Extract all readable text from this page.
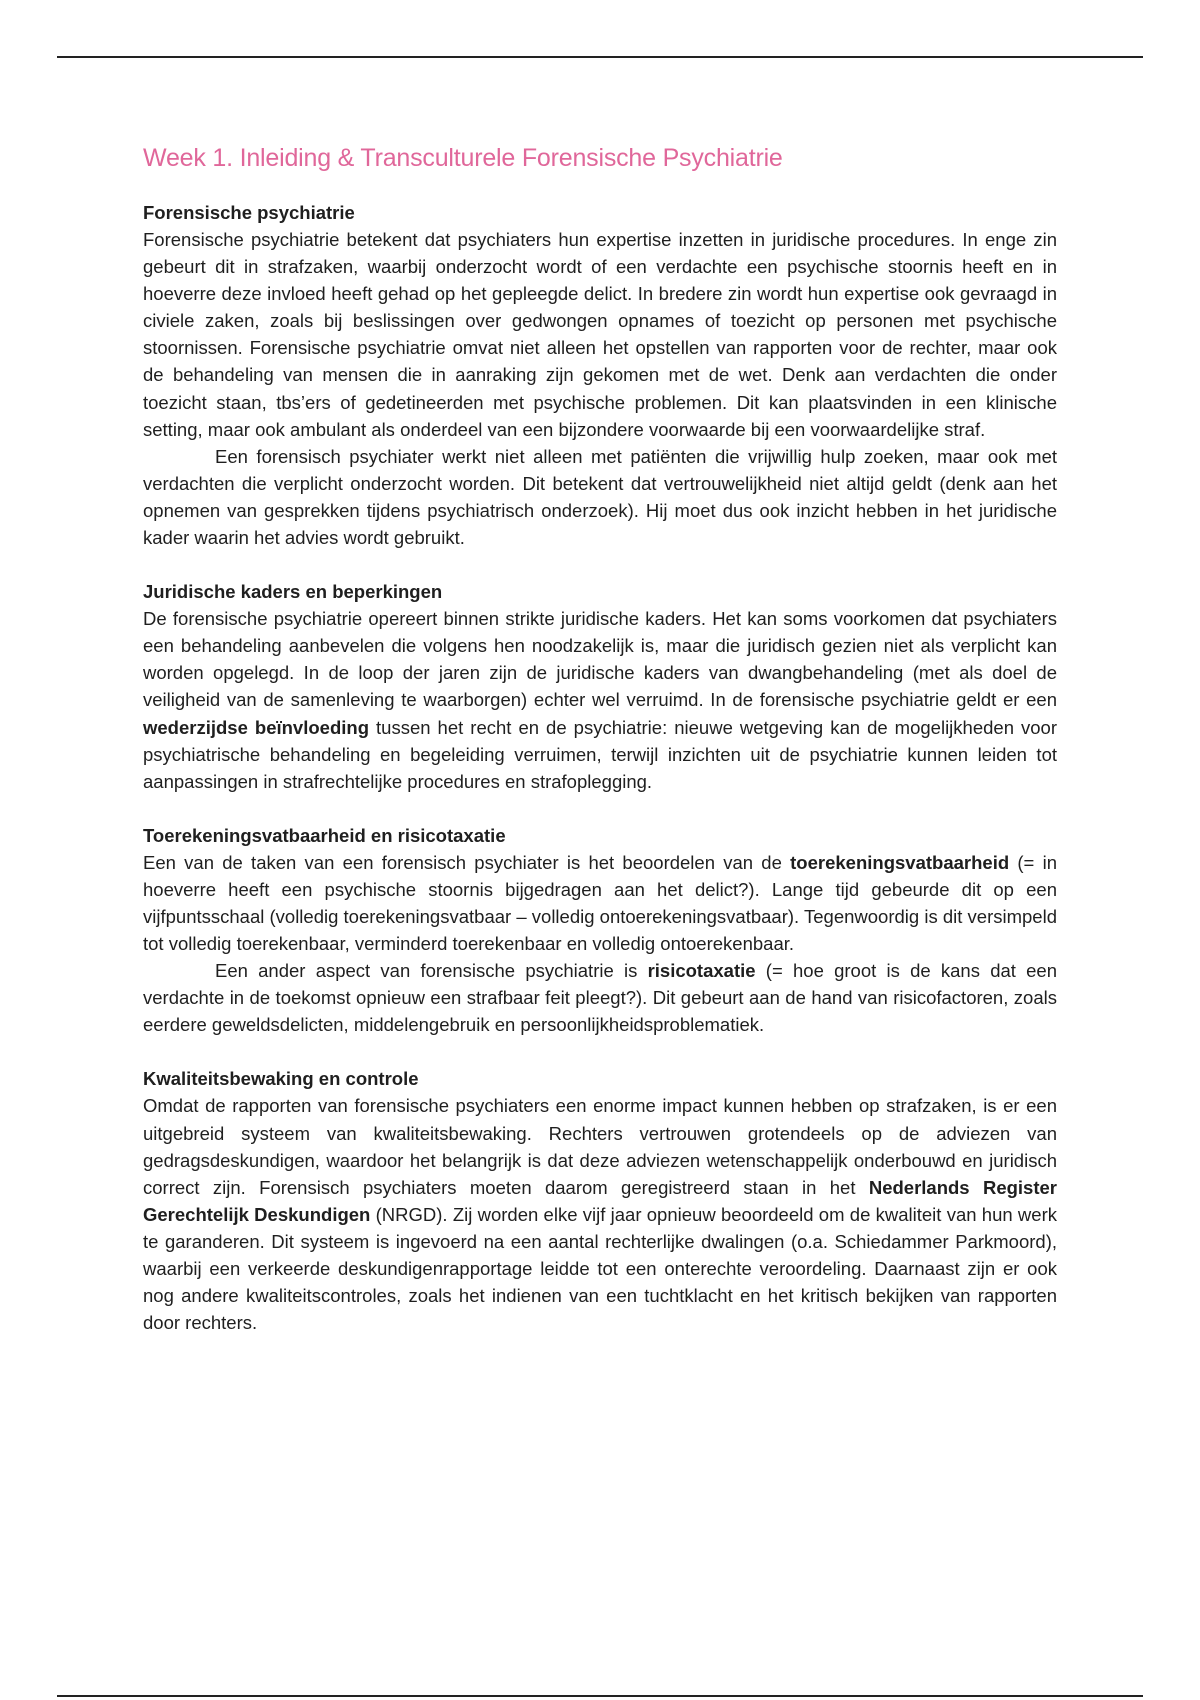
Week 1. Inleiding & Transculturele Forensische Psychiatrie
Forensische psychiatrie

Forensische psychiatrie betekent dat psychiaters hun expertise inzetten in juridische procedures. In enge zin gebeurt dit in strafzaken, waarbij onderzocht wordt of een verdachte een psychische stoornis heeft en in hoeverre deze invloed heeft gehad op het gepleegde delict. In bredere zin wordt hun expertise ook gevraagd in civiele zaken, zoals bij beslissingen over gedwongen opnames of toezicht op personen met psychische stoornissen. Forensische psychiatrie omvat niet alleen het opstellen van rapporten voor de rechter, maar ook de behandeling van mensen die in aanraking zijn gekomen met de wet. Denk aan verdachten die onder toezicht staan, tbs’ers of gedetineerden met psychische problemen. Dit kan plaatsvinden in een klinische setting, maar ook ambulant als onderdeel van een bijzondere voorwaarde bij een voorwaardelijke straf.

Een forensisch psychiater werkt niet alleen met patiënten die vrijwillig hulp zoeken, maar ook met verdachten die verplicht onderzocht worden. Dit betekent dat vertrouwelijkheid niet altijd geldt (denk aan het opnemen van gesprekken tijdens psychiatrisch onderzoek). Hij moet dus ook inzicht hebben in het juridische kader waarin het advies wordt gebruikt.

Juridische kaders en beperkingen

De forensische psychiatrie opereert binnen strikte juridische kaders. Het kan soms voorkomen dat psychiaters een behandeling aanbevelen die volgens hen noodzakelijk is, maar die juridisch gezien niet als verplicht kan worden opgelegd. In de loop der jaren zijn de juridische kaders van dwangbehandeling (met als doel de veiligheid van de samenleving te waarborgen) echter wel verruimd. In de forensische psychiatrie geldt er een wederzijdse beïnvloeding tussen het recht en de psychiatrie: nieuwe wetgeving kan de mogelijkheden voor psychiatrische behandeling en begeleiding verruimen, terwijl inzichten uit de psychiatrie kunnen leiden tot aanpassingen in strafrechtelijke procedures en strafoplegging.

Toerekeningsvatbaarheid en risicotaxatie

Een van de taken van een forensisch psychiater is het beoordelen van de toerekeningsvatbaarheid (= in hoeverre heeft een psychische stoornis bijgedragen aan het delict?). Lange tijd gebeurde dit op een vijfpuntsschaal (volledig toerekeningsvatbaar – volledig ontoerekeningsvatbaar). Tegenwoordig is dit versimpeld tot volledig toerekenbaar, verminderd toerekenbaar en volledig ontoerekenbaar.

Een ander aspect van forensische psychiatrie is risicotaxatie (= hoe groot is de kans dat een verdachte in de toekomst opnieuw een strafbaar feit pleegt?). Dit gebeurt aan de hand van risicofactoren, zoals eerdere geweldsdelicten, middelengebruik en persoonlijkheidsproblematiek.

Kwaliteitsbewaking en controle

Omdat de rapporten van forensische psychiaters een enorme impact kunnen hebben op strafzaken, is er een uitgebreid systeem van kwaliteitsbewaking. Rechters vertrouwen grotendeels op de adviezen van gedragsdeskundigen, waardoor het belangrijk is dat deze adviezen wetenschappelijk onderbouwd en juridisch correct zijn. Forensisch psychiaters moeten daarom geregistreerd staan in het Nederlands Register Gerechtelijk Deskundigen (NRGD). Zij worden elke vijf jaar opnieuw beoordeeld om de kwaliteit van hun werk te garanderen. Dit systeem is ingevoerd na een aantal rechterlijke dwalingen (o.a. Schiedammer Parkmoord), waarbij een verkeerde deskundigenrapportage leidde tot een onterechte veroordeling. Daarnaast zijn er ook nog andere kwaliteitscontroles, zoals het indienen van een tuchtklacht en het kritisch bekijken van rapporten door rechters.
